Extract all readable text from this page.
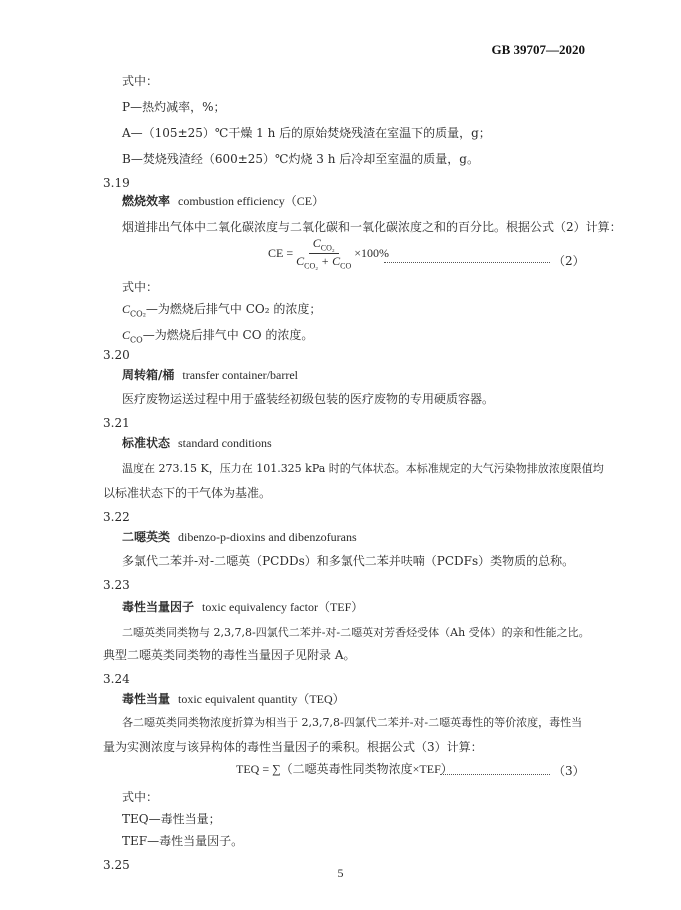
GB 39707—2020
式中：
P—热灼减率，%；
A—（105±25）℃干燥 1 h 后的原始焚烧残渣在室温下的质量，g；
B—焚烧残渣经（600±25）℃灼烧 3 h 后冷却至室温的质量，g。
3.19
燃烧效率 combustion efficiency（CE）
烟道排出气体中二氧化碳浓度与二氧化碳和一氧化碳浓度之和的百分比。根据公式（2）计算：
CE = $\frac{C_{CO_2}}{C_{CO_2} + C_{CO}} \times 100\%$
（2）
式中：
$C_{CO_2}—$为燃烧后排气中 CO₂ 的浓度；
$C_{CO}—$为燃烧后排气中 CO 的浓度。
3.20
周转箱/桶 transfer container/barrel
医疗废物运送过程中用于盛装经初级包装的医疗废物的专用硬质容器。
3.21
标准状态 standard conditions
温度在 273.15 K，压力在 101.325 kPa 时的气体状态。本标准规定的大气污染物排放浓度限值均
以标准状态下的干气体为基准。
3.22
二噁英类 dibenzo-p-dioxins and dibenzofurans
多氯代二苯并-对-二噁英（PCDDs）和多氯代二苯并呋喃（PCDFs）类物质的总称。
3.23
毒性当量因子 toxic equivalency factor（TEF）
二噁英类同类物与 2,3,7,8-四氯代二苯并-对-二噁英对芳香烃受体（Ah 受体）的亲和性能之比。
典型二噁英类同类物的毒性当量因子见附录 A。
3.24
毒性当量 toxic equivalent quantity（TEQ）
各二噁英类同类物浓度折算为相当于 2,3,7,8-四氯代二苯并-对-二噁英毒性的等价浓度，毒性当
量为实测浓度与该异构体的毒性当量因子的乘积。根据公式（3）计算：
TEQ = ∑（二噁英毒性同类物浓度×TEF）	（3）
式中：
TEQ—毒性当量；
TEF—毒性当量因子。
3.25
5
